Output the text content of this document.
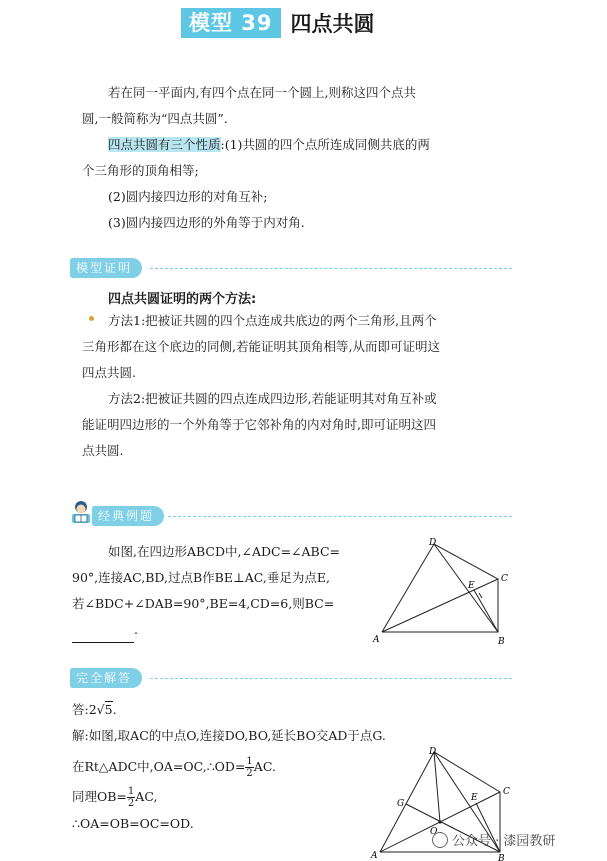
模型 39 四点共圆
若在同一平面内,有四个点在同一个圆上,则称这四个点共
圆,一般简称为“四点共圆”.
四点共圆有三个性质:(1)共圆的四个点所连成同侧共底的两
个三角形的顶角相等;
(2)圆内接四边形的对角互补;
(3)圆内接四边形的外角等于内对角.
模型证明
四点共圆证明的两个方法:
方法1:把被证共圆的四个点连成共底边的两个三角形,且两个
三角形都在这个底边的同侧,若能证明其顶角相等,从而即可证明这
四点共圆.
方法2:把被证共圆的四点连成四边形,若能证明其对角互补或
能证明四边形的一个外角等于它邻补角的内对角时,即可证明这四
点共圆.
经典例题
如图,在四边形ABCD中,∠ADC=∠ABC=
90°,连接AC,BD,过点B作BE⊥AC,垂足为点E,
若∠BDC+∠DAB=90°,BE=4,CD=6,则BC=
.
A	B
C
D
E
完全解答
答:2√5.
解:如图,取AC的中点O,连接DO,BO,延长BO交AD于点G.
在Rt△ADC中,OA=OC,∴OD= $\frac{1}{2}$ AC.
同理$OB= \frac{1}{2}$ AC,
∴OA=OB=OC=OD.
A	B
C
D
E
G
O
公众号 · 漆园教研
